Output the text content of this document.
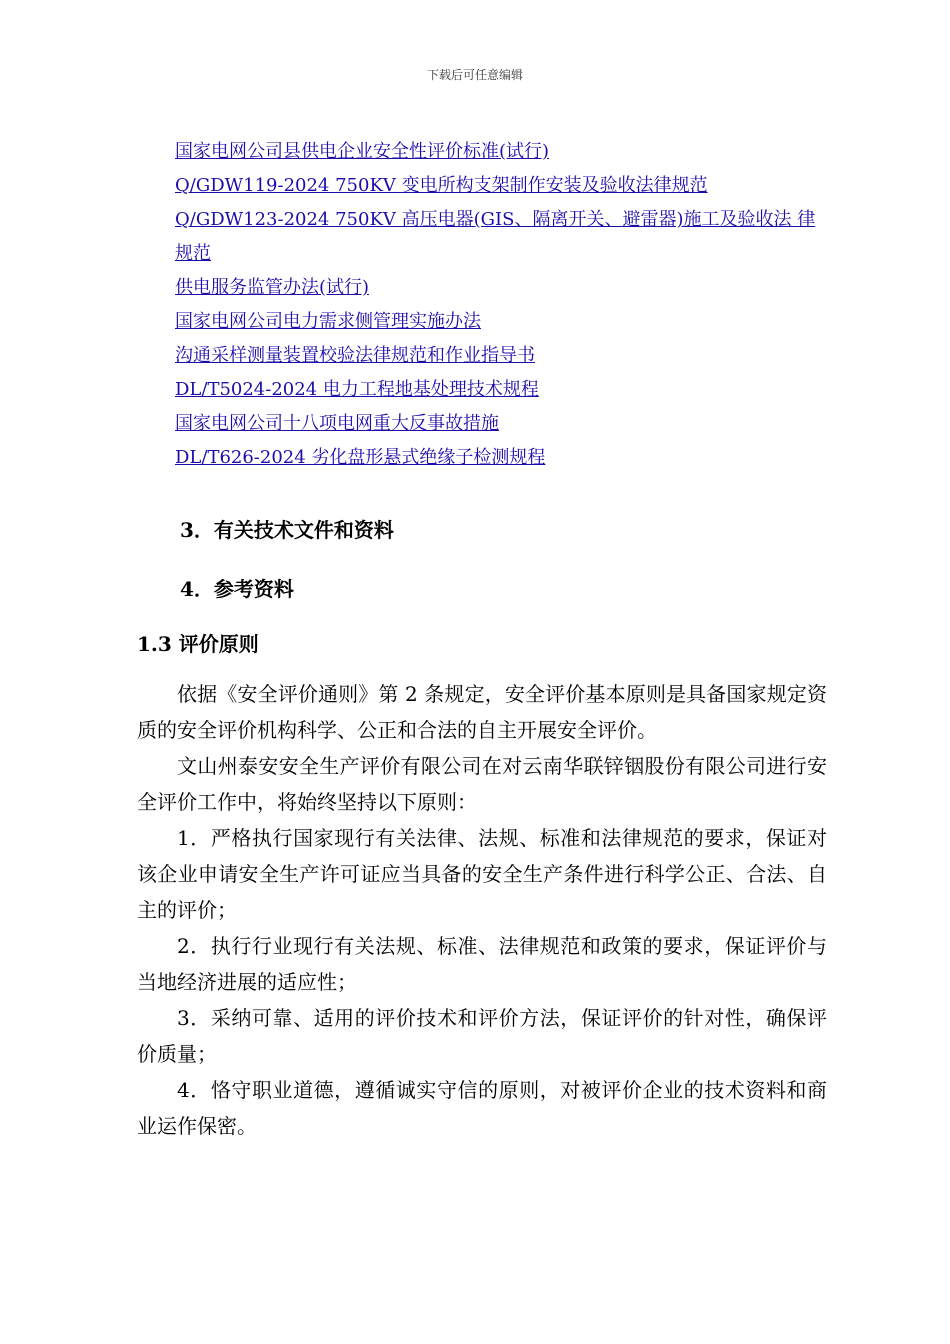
下载后可任意编辑
国家电网公司县供电企业安全性评价标准(试行)
Q/GDW119-2024 750KV 变电所构支架制作安装及验收法律规范
Q/GDW123-2024 750KV 高压电器(GIS、隔离开关、避雷器)施工及验收法 律规范
供电服务监管办法(试行)
国家电网公司电力需求侧管理实施办法
沟通采样测量装置校验法律规范和作业指导书
DL/T5024-2024 电力工程地基处理技术规程
国家电网公司十八项电网重大反事故措施
DL/T626-2024 劣化盘形悬式绝缘子检测规程
3．有关技术文件和资料
4．参考资料
1.3 评价原则

依据《安全评价通则》第 2 条规定，安全评价基本原则是具备国家规定资质的安全评价机构科学、公正和合法的自主开展安全评价。

文山州泰安安全生产评价有限公司在对云南华联锌铟股份有限公司进行安全评价工作中，将始终坚持以下原则：

1．严格执行国家现行有关法律、法规、标准和法律规范的要求，保证对该企业申请安全生产许可证应当具备的安全生产条件进行科学公正、合法、自主的评价；

2．执行行业现行有关法规、标准、法律规范和政策的要求，保证评价与当地经济进展的适应性；

3．采纳可靠、适用的评价技术和评价方法，保证评价的针对性，确保评价质量；

4．恪守职业道德，遵循诚实守信的原则，对被评价企业的技术资料和商业运作保密。
